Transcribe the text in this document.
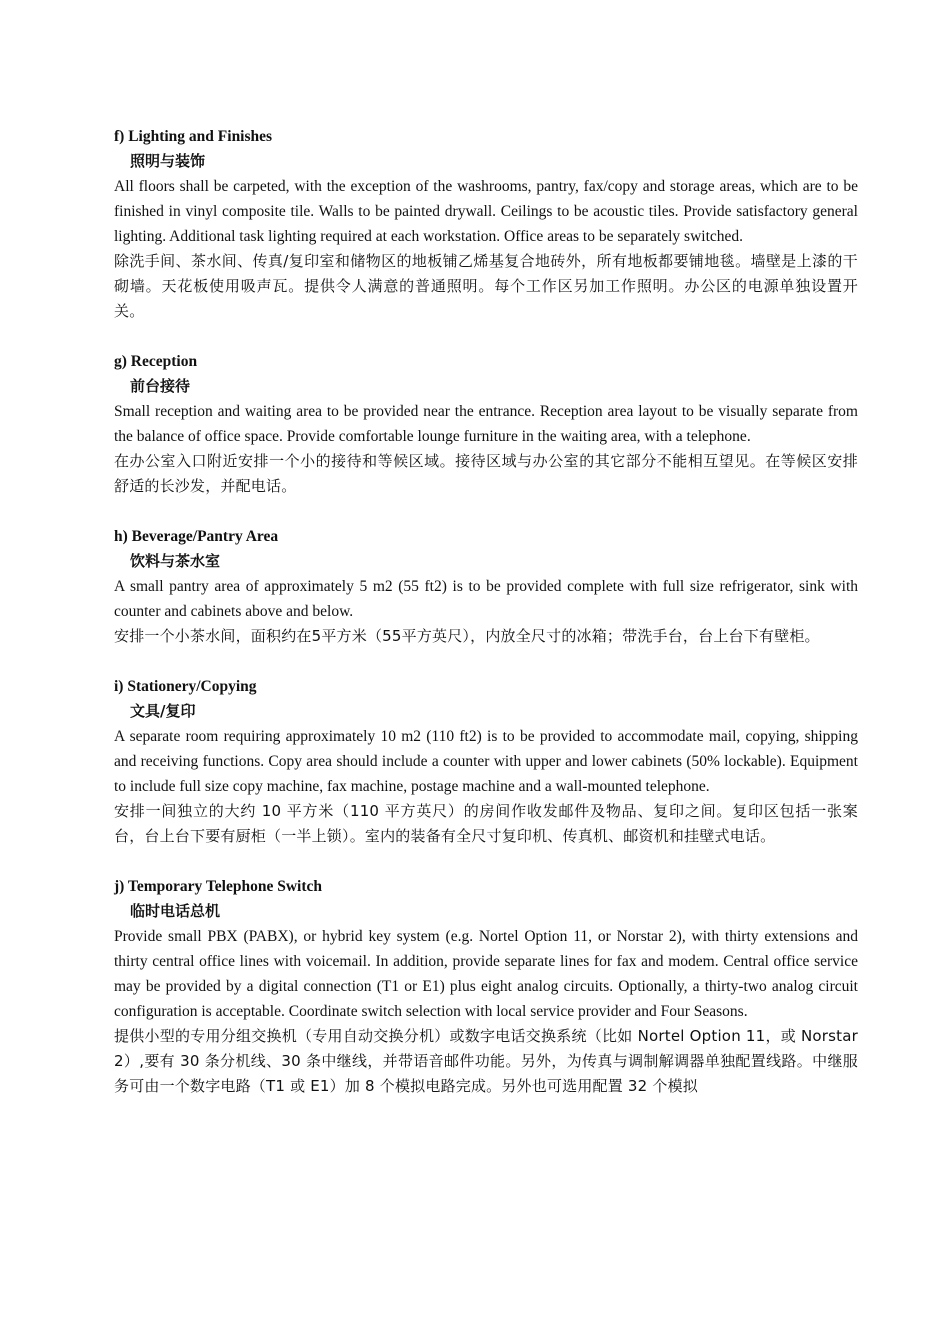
f) Lighting and Finishes

照明与装饰

All floors shall be carpeted, with the exception of the washrooms, pantry, fax/copy and storage areas, which are to be finished in vinyl composite tile. Walls to be painted drywall. Ceilings to be acoustic tiles. Provide satisfactory general lighting. Additional task lighting required at each workstation. Office areas to be separately switched.

除洗手间、茶水间、传真/复印室和储物区的地板铺乙烯基复合地砖外，所有地板都要铺地毯。墙壁是上漆的干砌墙。天花板使用吸声瓦。提供令人满意的普通照明。每个工作区另加工作照明。办公区的电源单独设置开关。

g) Reception

前台接待

Small reception and waiting area to be provided near the entrance. Reception area layout to be visually separate from the balance of office space. Provide comfortable lounge furniture in the waiting area, with a telephone.

在办公室入口附近安排一个小的接待和等候区域。接待区域与办公室的其它部分不能相互望见。在等候区安排舒适的长沙发，并配电话。

h) Beverage/Pantry Area

饮料与茶水室

A small pantry area of approximately 5 m2 (55 ft2) is to be provided complete with full size refrigerator, sink with counter and cabinets above and below.

安排一个小茶水间，面积约在5平方米（55平方英尺），内放全尺寸的冰箱；带洗手台，台上台下有壁柜。

i) Stationery/Copying

文具/复印

A separate room requiring approximately 10 m2 (110 ft2) is to be provided to accommodate mail, copying, shipping and receiving functions. Copy area should include a counter with upper and lower cabinets (50% lockable). Equipment to include full size copy machine, fax machine, postage machine and a wall-mounted telephone.

安排一间独立的大约 10 平方米（110 平方英尺）的房间作收发邮件及物品、复印之间。复印区包括一张案台，台上台下要有厨柜（一半上锁）。室内的装备有全尺寸复印机、传真机、邮资机和挂壁式电话。

j) Temporary Telephone Switch

临时电话总机

Provide small PBX (PABX), or hybrid key system (e.g. Nortel Option 11, or Norstar 2), with thirty extensions and thirty central office lines with voicemail. In addition, provide separate lines for fax and modem. Central office service may be provided by a digital connection (T1 or E1) plus eight analog circuits. Optionally, a thirty-two analog circuit configuration is acceptable. Coordinate switch selection with local service provider and Four Seasons.

提供小型的专用分组交换机（专用自动交换分机）或数字电话交换系统（比如 Nortel Option 11，或 Norstar 2）,要有 30 条分机线、30 条中继线，并带语音邮件功能。另外，为传真与调制解调器单独配置线路。中继服务可由一个数字电路（T1 或 E1）加 8 个模拟电路完成。另外也可选用配置 32 个模拟
